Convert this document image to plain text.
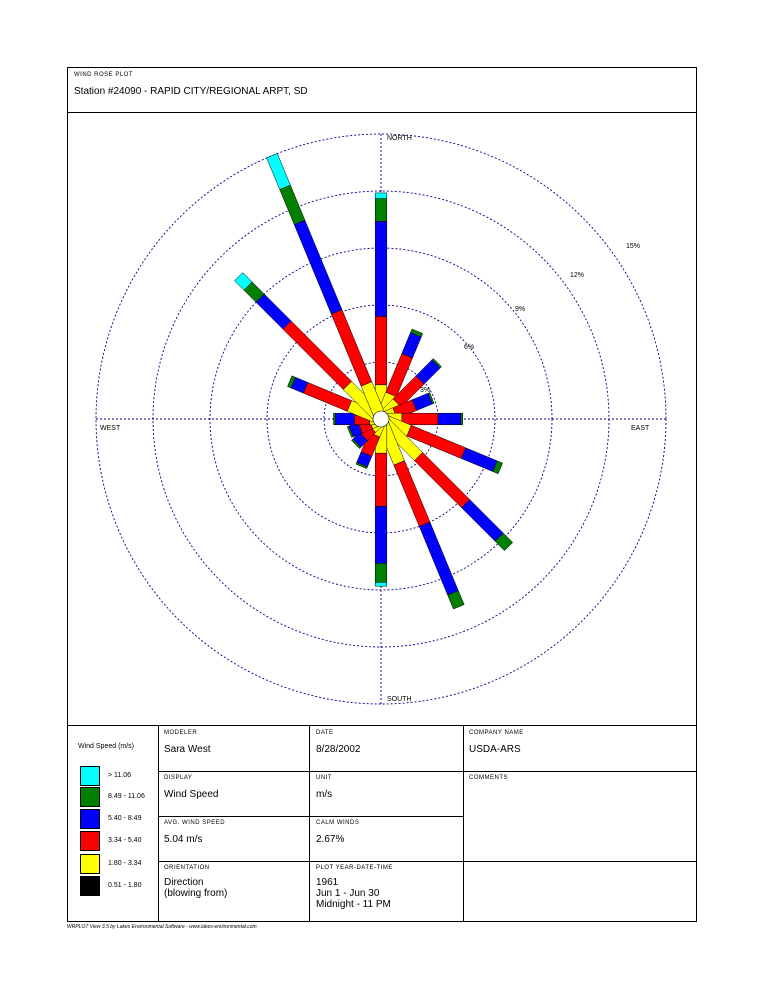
WIND ROSE PLOT
Station #24090 - RAPID CITY/REGIONAL ARPT, SD
NORTH
EAST
SOUTH
WEST
3%
6%
9%
12%
15%
Wind Speed (m/s)
> 11.06
8.49 - 11.06
5.40 - 8.49
3.34 - 5.40
1.80 - 3.34
0.51 - 1.80
MODELER
Sara West
DATE
8/28/2002
COMPANY NAME
USDA-ARS
DISPLAY
Wind Speed
UNIT
m/s
COMMENTS
AVG. WIND SPEED
5.04 m/s
CALM WINDS
2.67%
ORIENTATION
Direction
(blowing from)
PLOT YEAR-DATE-TIME
1961
Jun 1 - Jun 30
Midnight - 11 PM
WRPLOT View 3.5 by Lakes Environmental Software - www.lakes-environmental.com
